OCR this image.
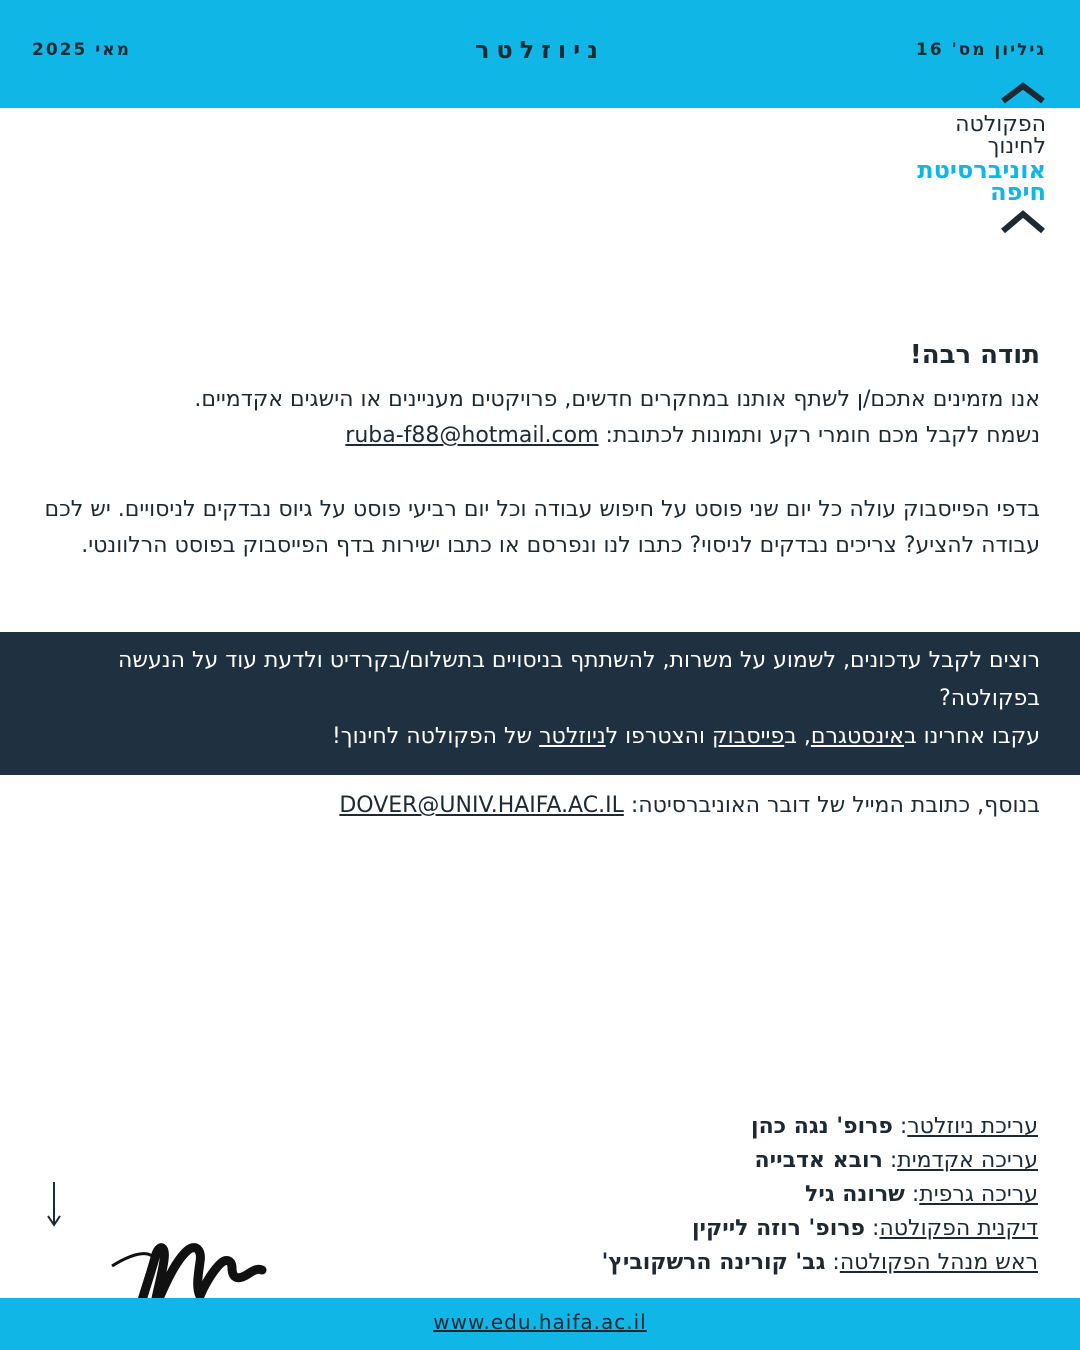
גיליון מס' 16
ניוזלטר
מאי 2025
הפקולטה
לחינוך
אוניברסיטת
חיפה
תודה רבה!
אנו מזמינים אתכם/ן לשתף אותנו במחקרים חדשים, פרויקטים מעניינים או הישגים אקדמיים.
נשמח לקבל מכם חומרי רקע ותמונות לכתובת: ruba-f88@hotmail.com
בדפי הפייסבוק עולה כל יום שני פוסט על חיפוש עבודה וכל יום רביעי פוסט על גיוס נבדקים לניסויים. יש לכם עבודה להציע? צריכים נבדקים לניסוי? כתבו לנו ונפרסם או כתבו ישירות בדף הפייסבוק בפוסט הרלוונטי.
רוצים לקבל עדכונים, לשמוע על משרות, להשתתף בניסויים בתשלום/בקרדיט ולדעת עוד על הנעשה בפקולטה?
עקבו אחרינו באינסטגרם, בפייסבוק והצטרפו לניוזלטר של הפקולטה לחינוך!
בנוסף, כתובת המייל של דובר האוניברסיטה: DOVER@UNIV.HAIFA.AC.IL
עריכת ניוזלטר: פרופ' נגה כהן
עריכה אקדמית: רובא אדבייה
עריכה גרפית: שרונה גיל
דיקנית הפקולטה: פרופ' רוזה לייקין
ראש מנהל הפקולטה: גב' קורינה הרשקוביץ'
www.edu.haifa.ac.il
